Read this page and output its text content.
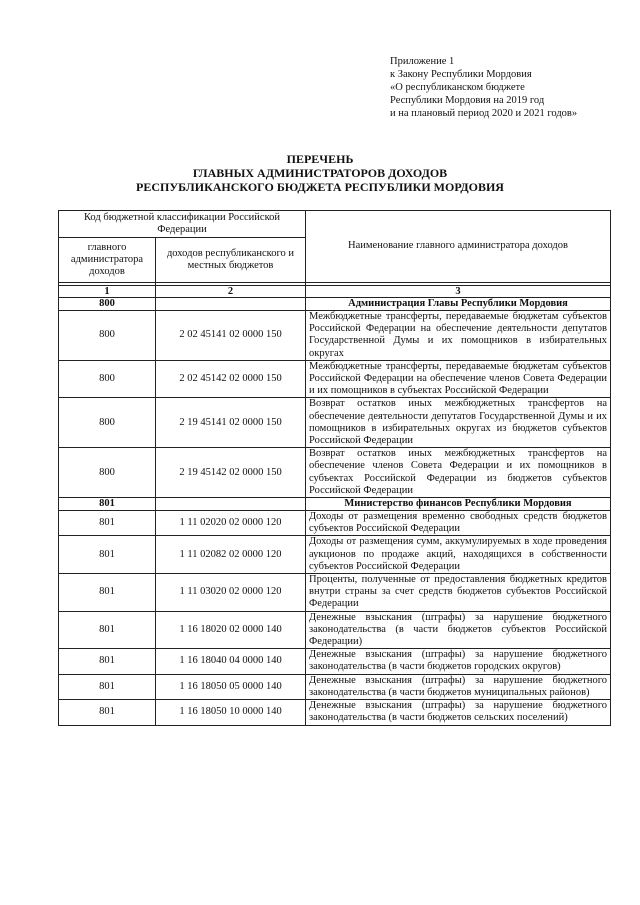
Приложение 1
к Закону Республики Мордовия
«О республиканском бюджете
Республики Мордовия на 2019 год
и на плановый период 2020 и 2021 годов»
ПЕРЕЧЕНЬ
ГЛАВНЫХ АДМИНИСТРАТОРОВ ДОХОДОВ
РЕСПУБЛИКАНСКОГО БЮДЖЕТА РЕСПУБЛИКИ МОРДОВИЯ
Код бюджетной классификации Российской Федерации		Наименование главного администратора доходов
главного администратора доходов	доходов республиканского и местных бюджетов	

1	2	3
800		Администрация Главы Республики Мордовия
800	2 02 45141 02 0000 150	Межбюджетные трансферты, передаваемые бюджетам субъектов Российской Федерации на обеспечение деятельности депутатов Государственной Думы и их помощников в избирательных округах
800	2 02 45142 02 0000 150	Межбюджетные трансферты, передаваемые бюджетам субъектов Российской Федерации на обеспечение членов Совета Федерации и их помощников в субъектах Российской Федерации
800	2 19 45141 02 0000 150	Возврат остатков иных межбюджетных трансфертов на обеспечение деятельности депутатов Государственной Думы и их помощников в избирательных округах из бюджетов субъектов Российской Федерации
800	2 19 45142 02 0000 150	Возврат остатков иных межбюджетных трансфертов на обеспечение членов Совета Федерации и их помощников в субъектах Российской Федерации из бюджетов субъектов Российской Федерации
801		Министерство финансов Республики Мордовия
801	1 11 02020 02 0000 120	Доходы от размещения временно свободных средств бюджетов субъектов Российской Федерации
801	1 11 02082 02 0000 120	Доходы от размещения сумм, аккумулируемых в ходе проведения аукционов по продаже акций, находящихся в собственности субъектов Российской Федерации
801	1 11 03020 02 0000 120	Проценты, полученные от предоставления бюджетных кредитов внутри страны за счет средств бюджетов субъектов Российской Федерации
801	1 16 18020 02 0000 140	Денежные взыскания (штрафы) за нарушение бюджетного законодательства (в части бюджетов субъектов Российской Федерации)
801	1 16 18040 04 0000 140	Денежные взыскания (штрафы) за нарушение бюджетного законодательства (в части бюджетов городских округов)
801	1 16 18050 05 0000 140	Денежные взыскания (штрафы) за нарушение бюджетного законодательства (в части бюджетов муниципальных районов)
801	1 16 18050 10 0000 140	Денежные взыскания (штрафы) за нарушение бюджетного законодательства (в части бюджетов сельских поселений)
